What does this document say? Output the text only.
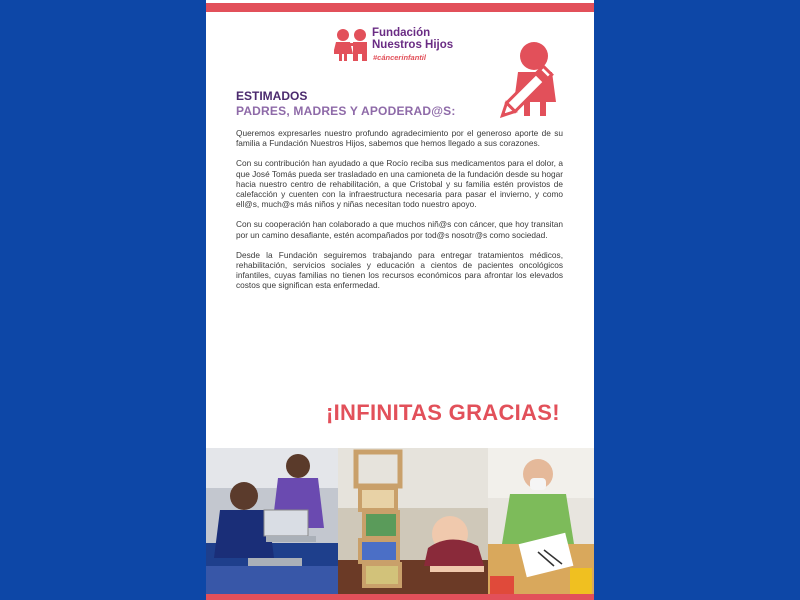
Fundación
Nuestros Hijos
#cáncerinfantil

ESTIMADOS

PADRES, MADRES Y APODERAD@S:

Queremos expresarles nuestro profundo agradecimiento por el generoso aporte de su familia a Fundación Nuestros Hijos, sabemos que hemos llegado a sus corazones.

Con su contribución han ayudado a que Rocío reciba sus medicamentos para el dolor, a que José Tomás pueda ser trasladado en una camioneta de la fundación desde su hogar hacia nuestro centro de rehabilitación, a que Cristobal y su familia estén provistos de calefacción y cuenten con la infraestructura necesaria para pasar el invierno, y como ell@s, much@s más niños y niñas necesitan todo nuestro apoyo.

Con su cooperación han colaborado a que muchos niñ@s con cáncer, que hoy transitan por un camino desafiante, estén acompañados por tod@s nosotr@s como sociedad.

Desde la Fundación seguiremos trabajando para entregar tratamientos médicos, rehabilitación, servicios sociales y educación a cientos de pacientes oncológicos infantiles, cuyas familias no tienen los recursos económicos para afrontar los elevados costos que significan esta enfermedad.

¡INFINITAS GRACIAS!
